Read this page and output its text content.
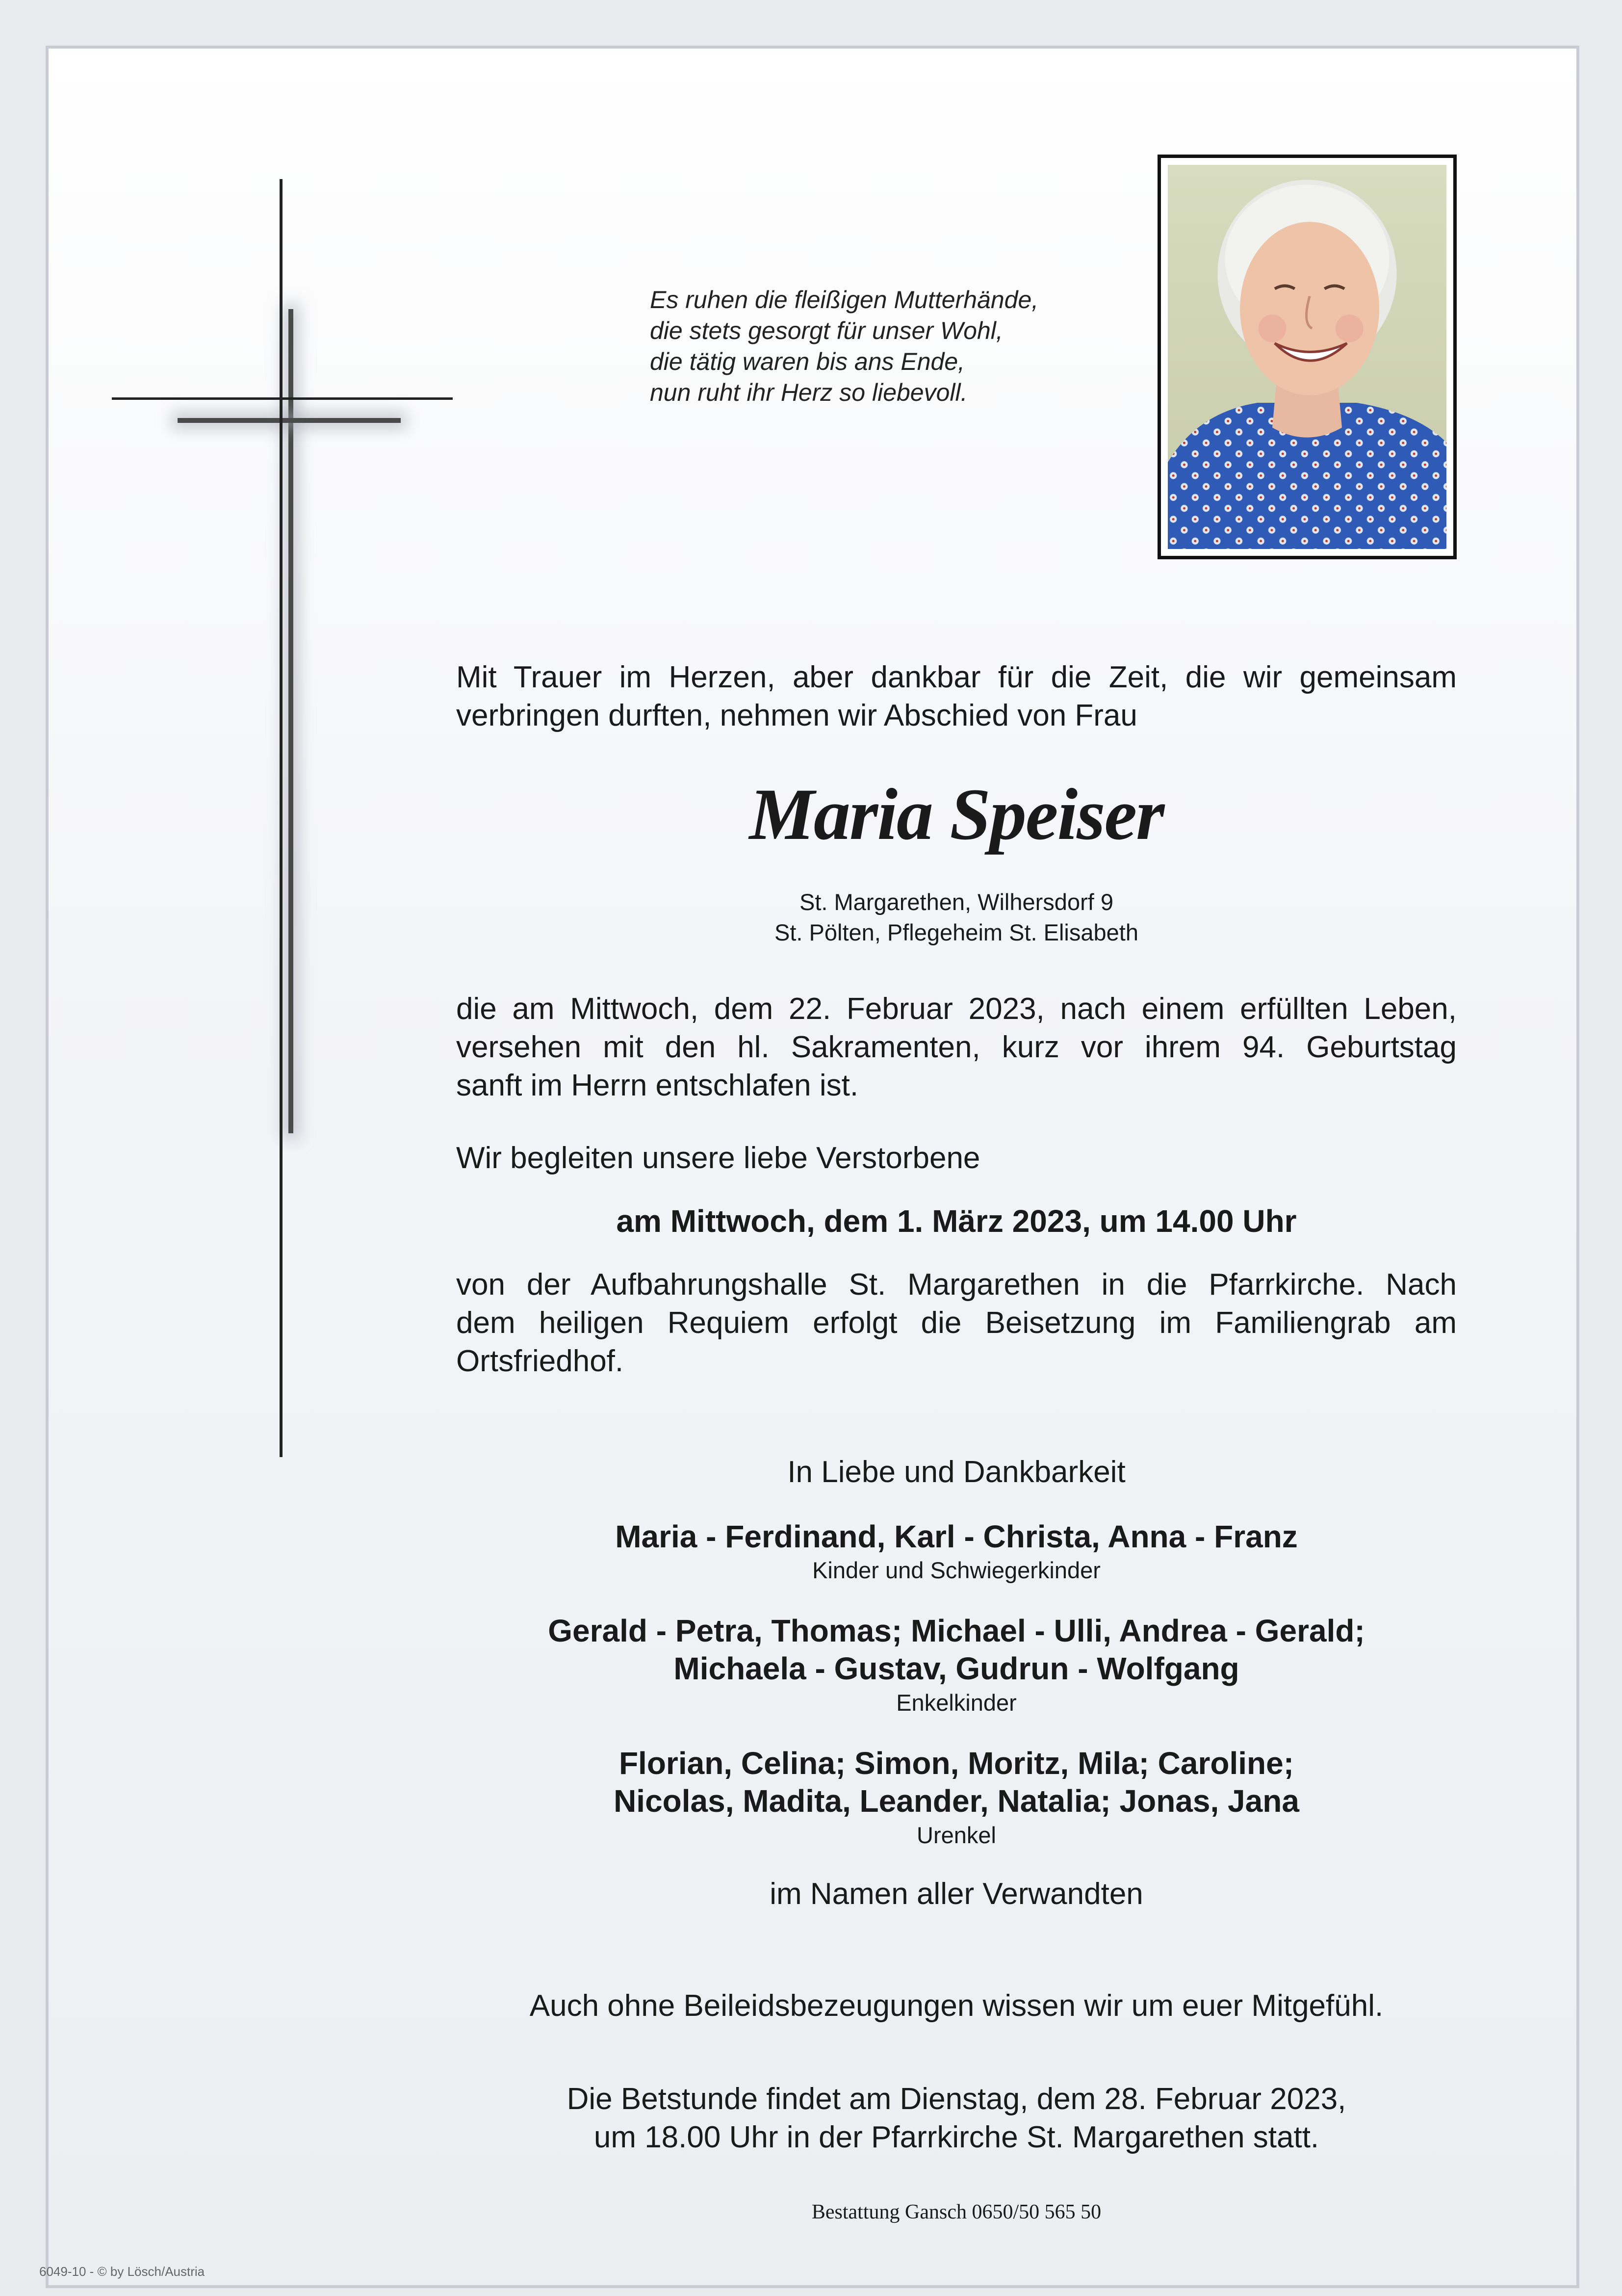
Es ruhen die fleißigen Mutterhände,
die stets gesorgt für unser Wohl,
die tätig waren bis ans Ende,
nun ruht ihr Herz so liebevoll.
Mit Trauer im Herzen, aber dankbar für die Zeit, die wir gemeinsam
verbringen durften, nehmen wir Abschied von Frau
Maria Speiser
St. Margarethen, Wilhersdorf 9
St. Pölten, Pflegeheim St. Elisabeth
die am Mittwoch, dem 22. Februar 2023, nach einem erfüllten Leben,
versehen mit den hl. Sakramenten, kurz vor ihrem 94. Geburtstag
sanft im Herrn entschlafen ist.
Wir begleiten unsere liebe Verstorbene
am Mittwoch, dem 1. März 2023, um 14.00 Uhr
von der Aufbahrungshalle St. Margarethen in die Pfarrkirche. Nach
dem heiligen Requiem erfolgt die Beisetzung im Familiengrab am
Ortsfriedhof.
In Liebe und Dankbarkeit
Maria - Ferdinand, Karl - Christa, Anna - Franz
Kinder und Schwiegerkinder
Gerald - Petra, Thomas; Michael - Ulli, Andrea - Gerald;
Michaela - Gustav, Gudrun - Wolfgang
Enkelkinder
Florian, Celina; Simon, Moritz, Mila; Caroline;
Nicolas, Madita, Leander, Natalia; Jonas, Jana
Urenkel
im Namen aller Verwandten
Auch ohne Beileidsbezeugungen wissen wir um euer Mitgefühl.
Die Betstunde findet am Dienstag, dem 28. Februar 2023,
um 18.00 Uhr in der Pfarrkirche St. Margarethen statt.
Bestattung Gansch 0650/50 565 50
6049-10 - © by Lösch/Austria
